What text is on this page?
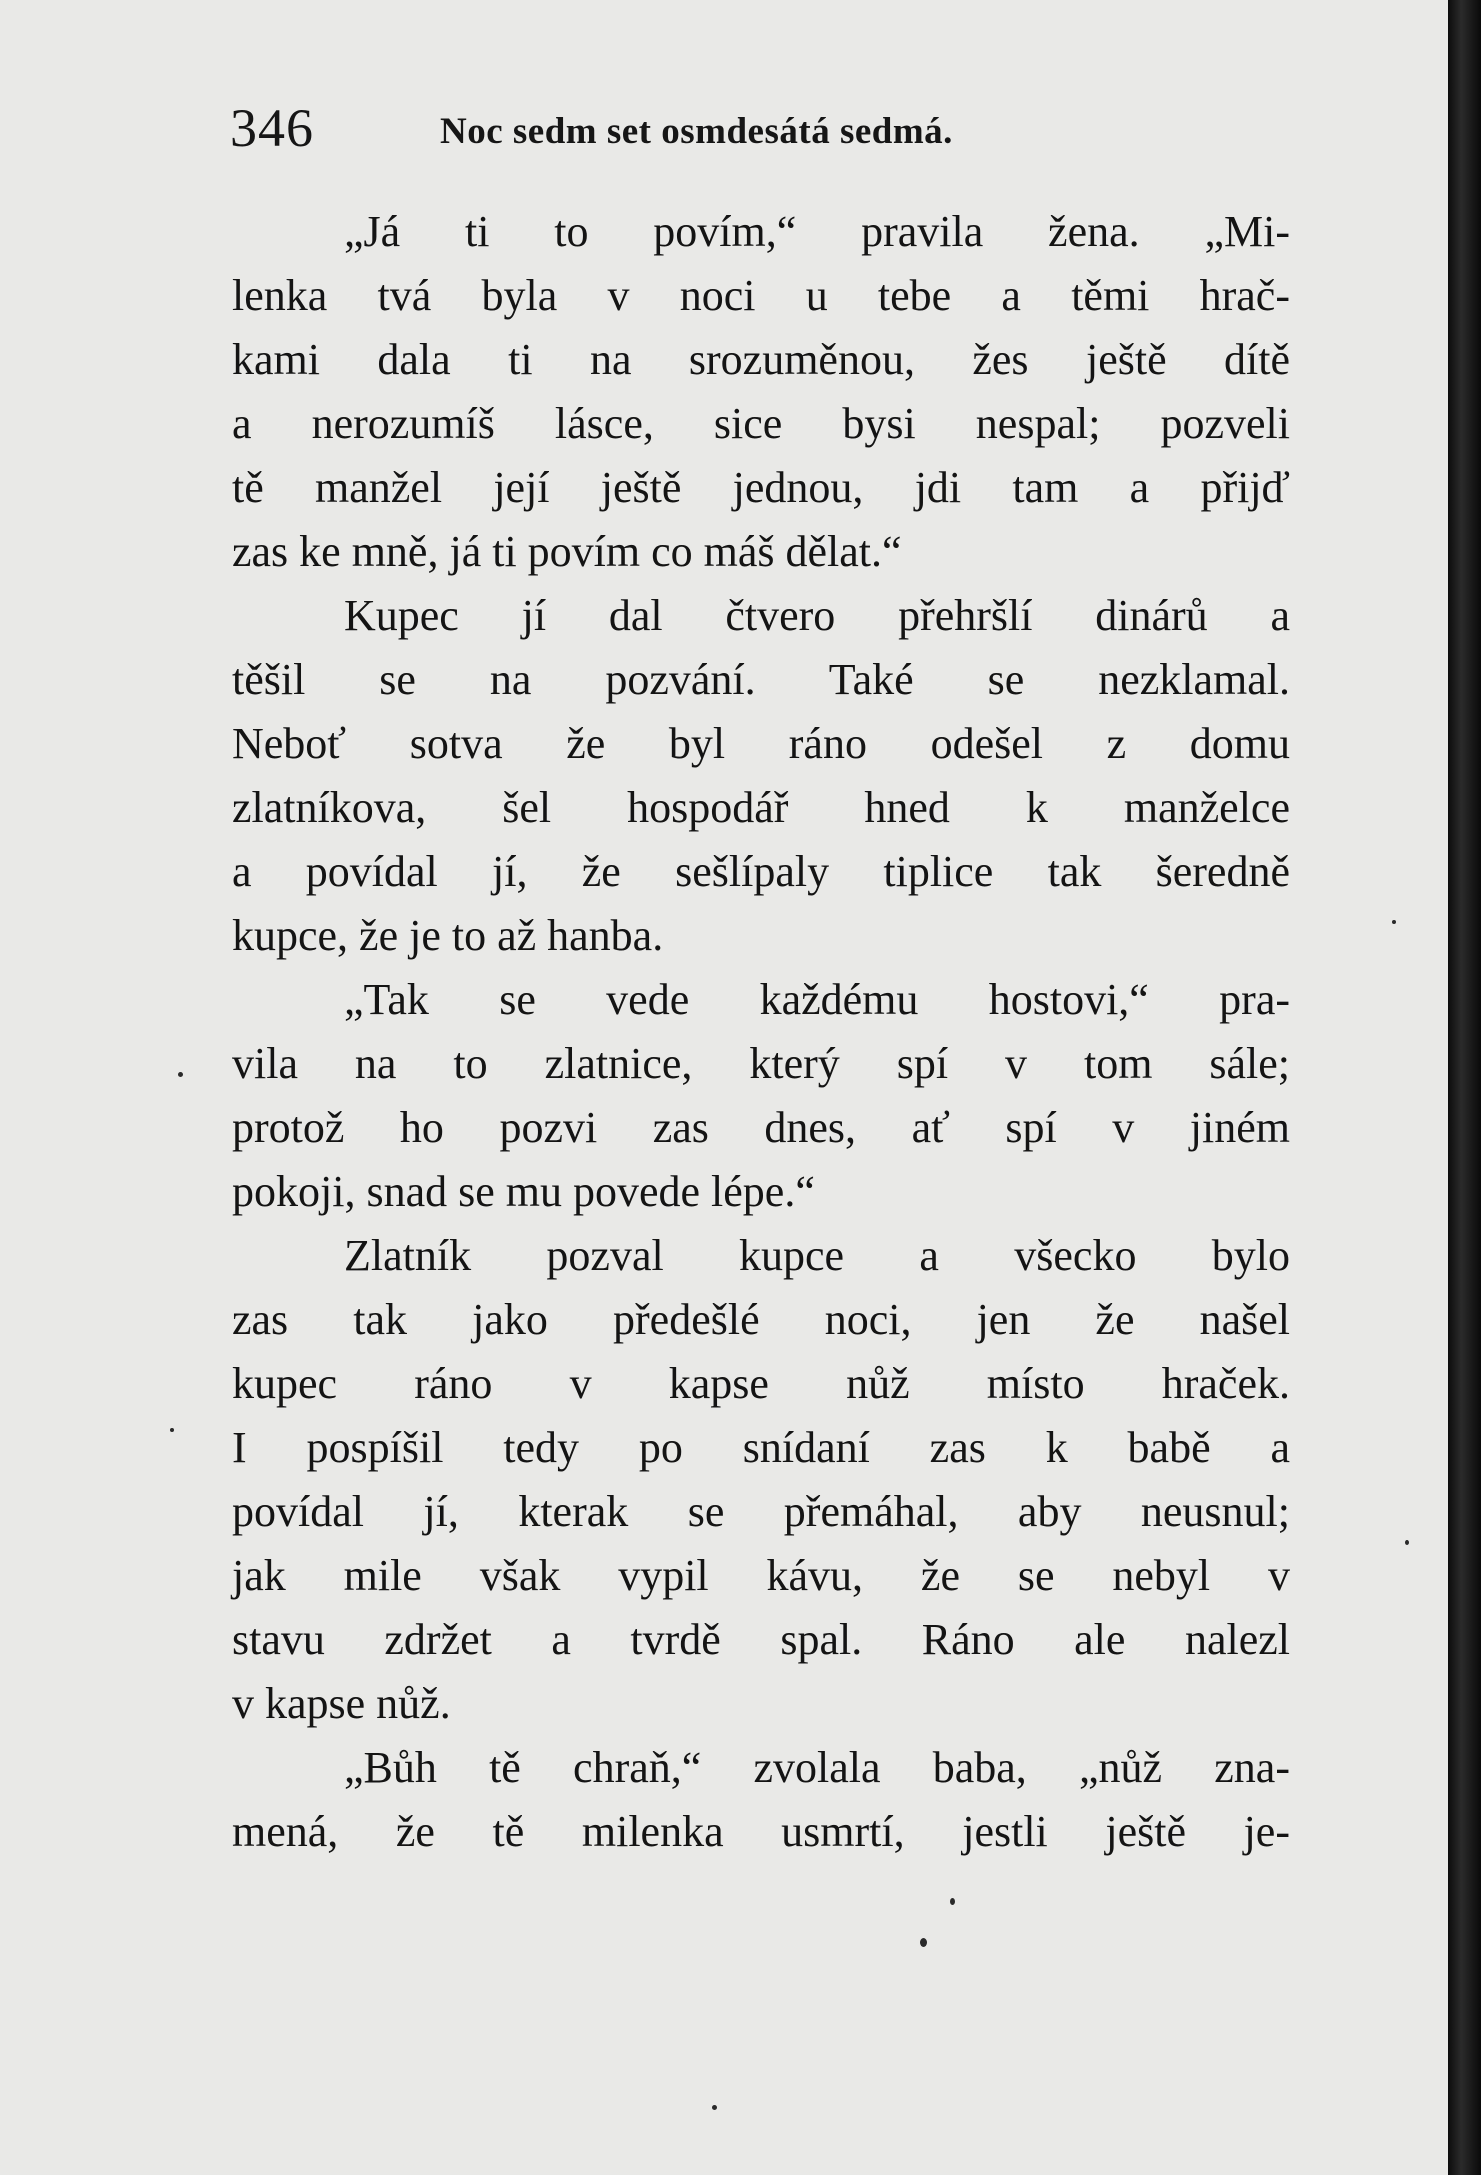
346	Noc sedm set osmdesátá sedmá.
„Já ti to povím,“ pravila žena. „Mi-
lenka tvá byla v noci u tebe a těmi hrač-
kami dala ti na srozuměnou, žes ještě dítě
a nerozumíš lásce, sice bysi nespal; pozveli
tě manžel její ještě jednou, jdi tam a přijď
zas ke mně, já ti povím co máš dělat.“
Kupec jí dal čtvero přehršlí dinárů a
těšil se na pozvání. Také se nezklamal.
Neboť sotva že byl ráno odešel z domu
zlatníkova, šel hospodář hned k manželce
a povídal jí, že sešlípaly tiplice tak šeredně
kupce, že je to až hanba.
„Tak se vede každému hostovi,“ pra-
vila na to zlatnice, který spí v tom sále;
protož ho pozvi zas dnes, ať spí v jiném
pokoji, snad se mu povede lépe.“
Zlatník pozval kupce a všecko bylo
zas tak jako předešlé noci, jen že našel
kupec ráno v kapse nůž místo hraček.
I pospíšil tedy po snídaní zas k babě a
povídal jí, kterak se přemáhal, aby neusnul;
jak mile však vypil kávu, že se nebyl v
stavu zdržet a tvrdě spal. Ráno ale nalezl
v kapse nůž.
„Bůh tě chraň,“ zvolala baba, „nůž zna-
mená, že tě milenka usmrtí, jestli ještě je-
